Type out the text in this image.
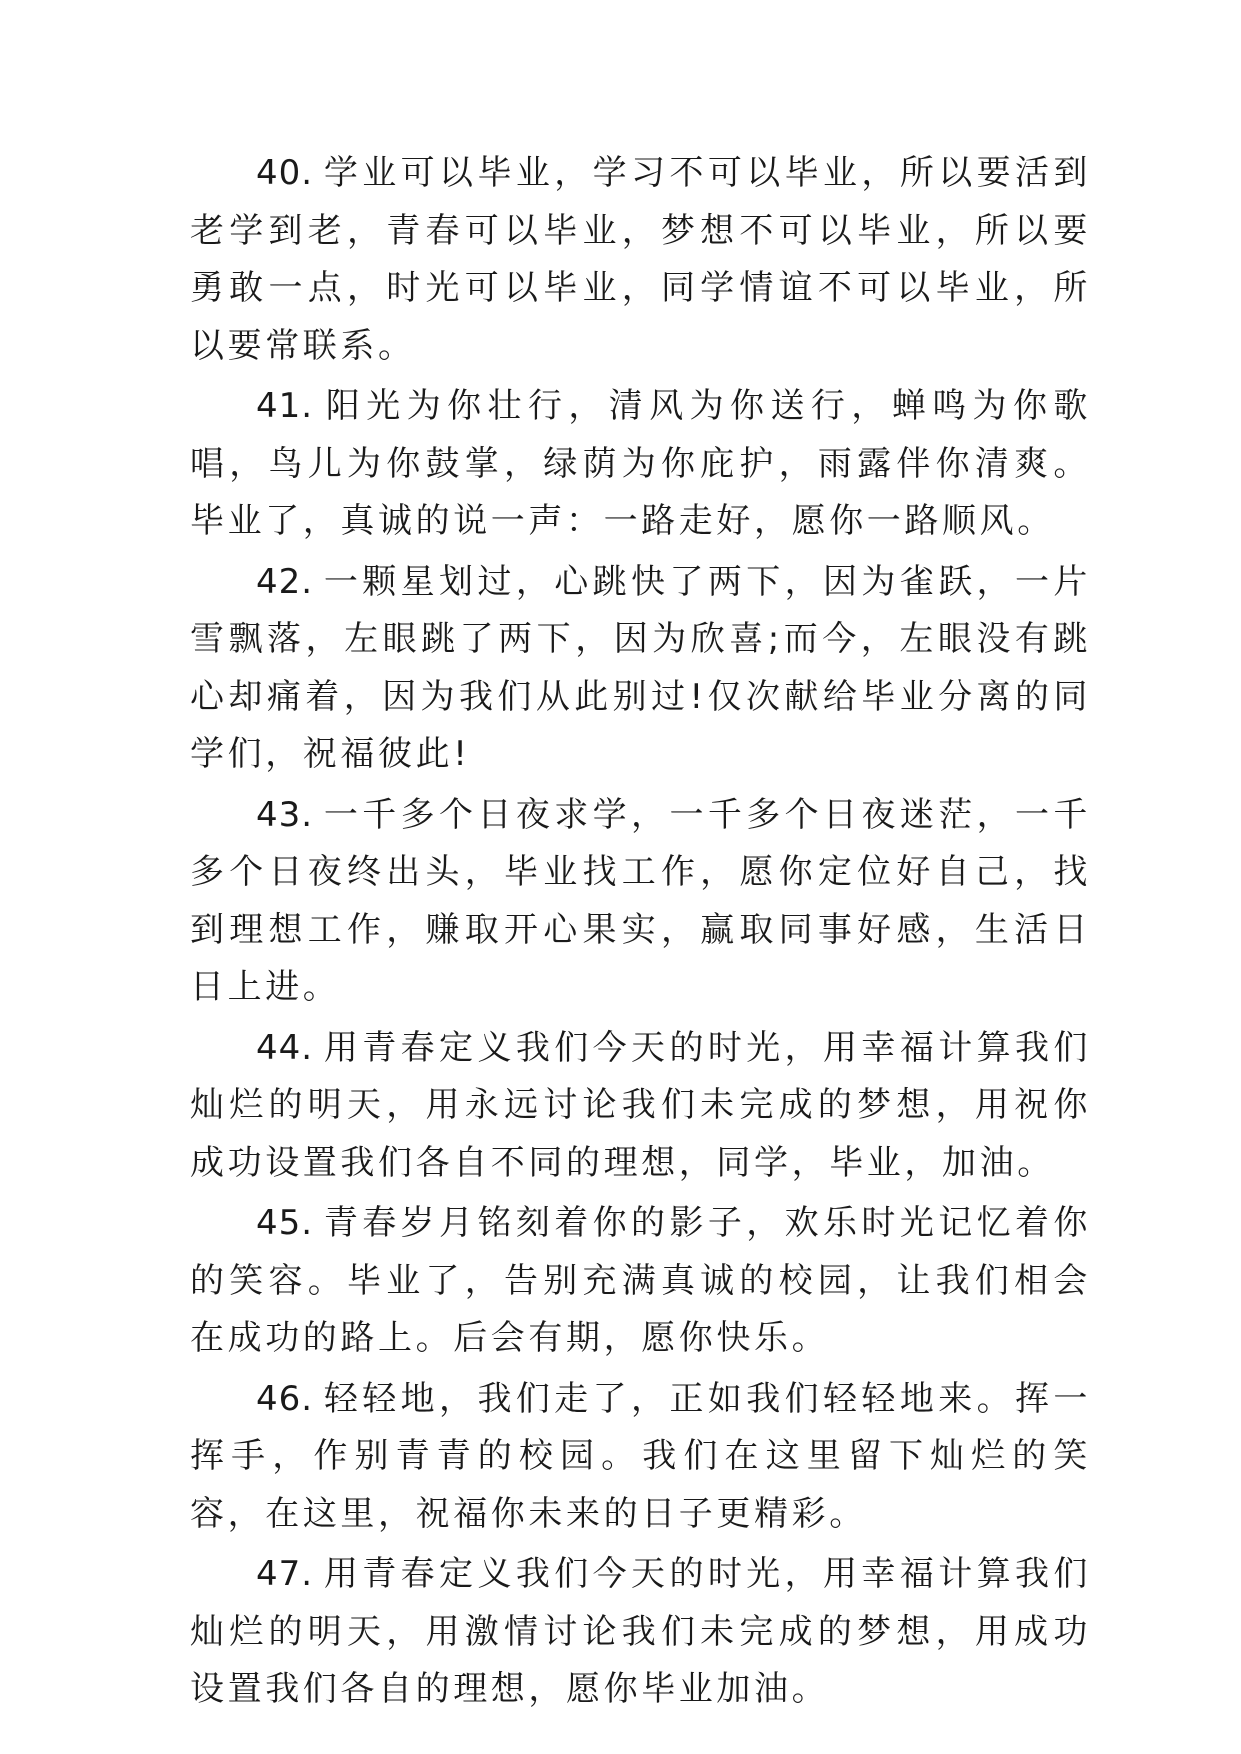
40. 学业可以毕业，学习不可以毕业，所以要活到老学到老，青春可以毕业，梦想不可以毕业，所以要勇敢一点，时光可以毕业，同学情谊不可以毕业，所以要常联系。

41. 阳光为你壮行，清风为你送行，蝉鸣为你歌唱，鸟儿为你鼓掌，绿荫为你庇护，雨露伴你清爽。毕业了，真诚的说一声：一路走好，愿你一路顺风。

42. 一颗星划过，心跳快了两下，因为雀跃，一片雪飘落，左眼跳了两下，因为欣喜;而今，左眼没有跳心却痛着，因为我们从此别过!仅次献给毕业分离的同学们，祝福彼此!

43. 一千多个日夜求学，一千多个日夜迷茫，一千多个日夜终出头，毕业找工作，愿你定位好自己，找到理想工作，赚取开心果实，赢取同事好感，生活日日上进。

44. 用青春定义我们今天的时光，用幸福计算我们灿烂的明天，用永远讨论我们未完成的梦想，用祝你成功设置我们各自不同的理想，同学，毕业，加油。

45. 青春岁月铭刻着你的影子，欢乐时光记忆着你的笑容。毕业了，告别充满真诚的校园，让我们相会在成功的路上。后会有期，愿你快乐。

46. 轻轻地，我们走了，正如我们轻轻地来。挥一挥手，作别青青的校园。我们在这里留下灿烂的笑容，在这里，祝福你未来的日子更精彩。

47. 用青春定义我们今天的时光，用幸福计算我们灿烂的明天，用激情讨论我们未完成的梦想，用成功设置我们各自的理想，愿你毕业加油。
